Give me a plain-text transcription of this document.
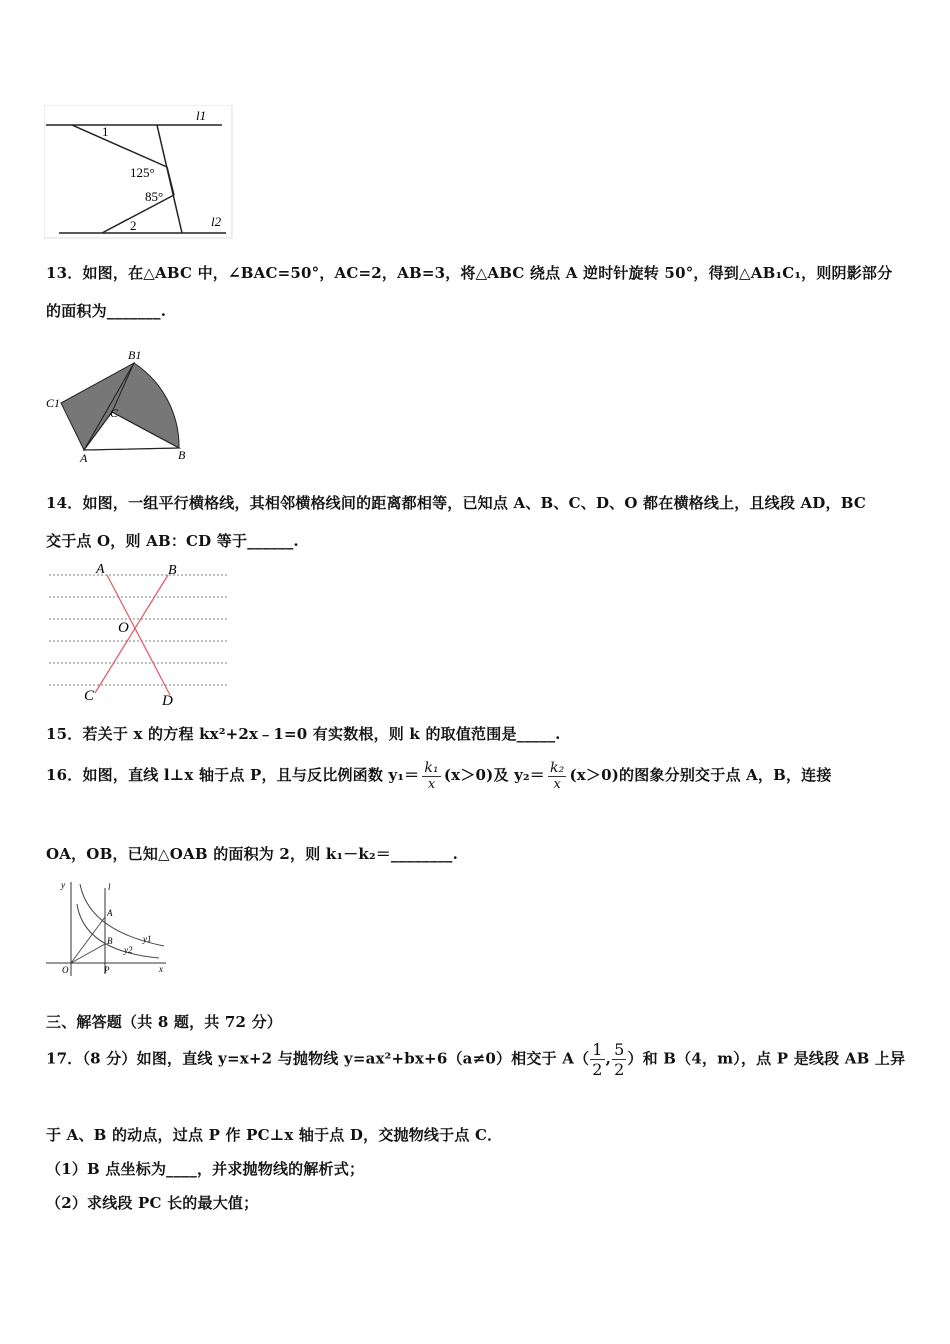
l1
1
125°
85°
2	l2
13．如图，在△ABC 中，∠BAC=50°，AC=2，AB=3，将△ABC 绕点 A 逆时针旋转 50°，得到△AB₁C₁，则阴影部分
的面积为_______.
B1
C1
C
A	B
14．如图，一组平行横格线，其相邻横格线间的距离都相等，已知点 A、B、C、D、O 都在横格线上，且线段 AD，BC
交于点 O，则 AB：CD 等于______.
A	B
O
C	D
15．若关于 x 的方程 kx²+2x﹣1=0 有实数根，则 k 的取值范围是_____.
16．如图，直线 l⊥x 轴于点 P，且与反比例函数 $y_1= \frac{\text{k₁}}{x} (x>0)$及 $y_2= \frac{\text{k₂}}{x} (x>0)$的图象分别交于点 A，B，连接
OA，OB，已知△OAB 的面积为 2，则 k₁－k₂＝________.
y	l
A
B	y1
y2
O	P	x
三、解答题（共 8 题，共 72 分）
17．（8 分）如图，直线 y=x+2 与抛物线 y=ax²+bx+6（a≠0）相交于 $A( \frac{1}{2}$ , $\frac{5}{2}$ ）和 B（4，m），点 P 是线段 AB 上异
于 A、B 的动点，过点 P 作 PC⊥x 轴于点 D，交抛物线于点 C．
（1）B 点坐标为____，并求抛物线的解析式；
（2）求线段 PC 长的最大值；
